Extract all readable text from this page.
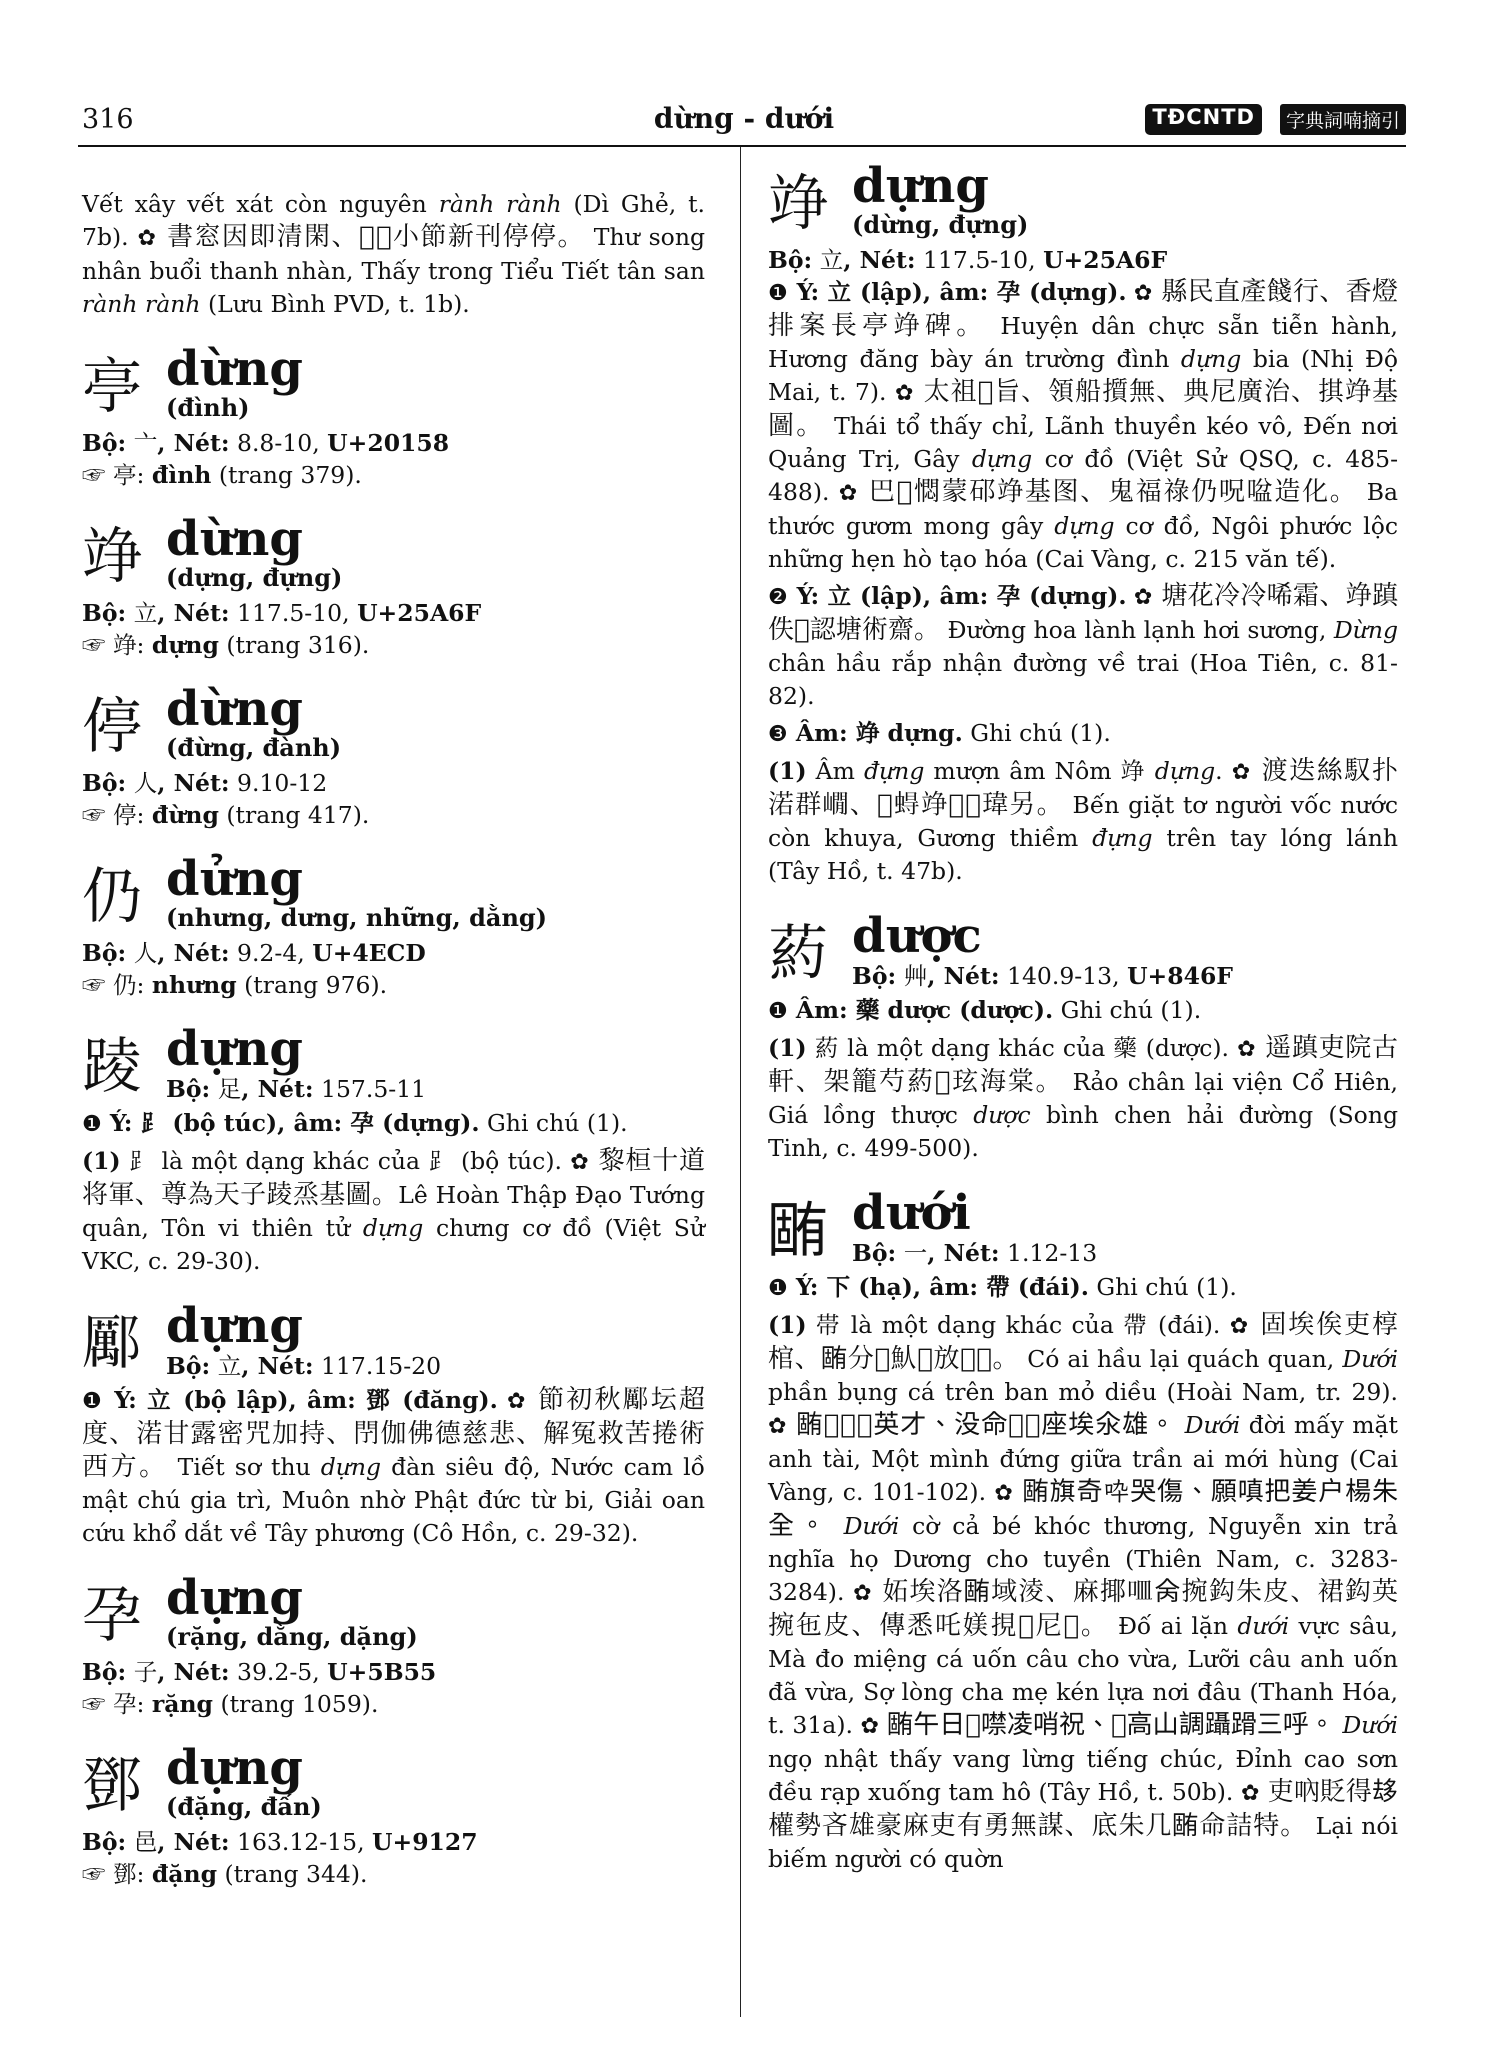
316	dừng - dưới	TĐCNTD	字典詞喃摘引

Vết xây vết xát còn nguyên rành rành (Dì Ghẻ, t. 7b). ✿ 書窓因即清閑、𧡊𧡊小節新刊停停。 Thư song nhân buổi thanh nhàn, Thấy trong Tiểu Tiết tân san rành rành (Lưu Bình PVD, t. 1b).

亭 dừng
(đình)

Bộ: 亠, Nét: 8.8-10, U+20158

☞ 亭: đình (trang 379).

竫 dừng
(dựng, đựng)

Bộ: 立, Nét: 117.5-10, U+25A6F

☞ 竫: dựng (trang 316).

停 dừng
(đừng, đành)

Bộ: 人, Nét: 9.10-12

☞ 停: đừng (trang 417).

仍 dửng
(nhưng, dưng, những, dằng)

Bộ: 人, Nét: 9.2-4, U+4ECD

☞ 仍: nhưng (trang 976).

踜 dựng
Bộ: 足, Nét: 157.5-11

❶ Ý: ⻊ (bộ túc), âm: 孕 (dựng). Ghi chú (1).

(1) ⻊ là một dạng khác của ⻊ (bộ túc). ✿ 黎桓十道将軍、尊為天子踜烝基圖。Lê Hoàn Thập Đạo Tướng quân, Tôn vi thiên tử dựng chưng cơ đồ (Việt Sử VKC, c. 29-30).

𨞺 dựng
Bộ: 立, Nét: 117.15-20

❶ Ý: 立 (bộ lập), âm: 鄧 (đăng). ✿ 節初秋𨞺坛超度、渃甘露密咒加持、閅伽佛德慈悲、解冤救苦捲術西方。 Tiết sơ thu dựng đàn siêu độ, Nước cam lồ mật chú gia trì, Muôn nhờ Phật đức từ bi, Giải oan cứu khổ dắt về Tây phương (Cô Hồn, c. 29-32).

孕 dựng
(rặng, dằng, dặng)

Bộ: 子, Nét: 39.2-5, U+5B55

☞ 孕: rặng (trang 1059).

鄧 dựng
(đặng, đấn)

Bộ: 邑, Nét: 163.12-15, U+9127

☞ 鄧: đặng (trang 344).

竫 dựng
(dừng, đựng)

Bộ: 立, Nét: 117.5-10, U+25A6F

❶ Ý: 立 (lập), âm: 孕 (dựng). ✿ 縣民直產餞行、香燈排案長亭竫碑。 Huyện dân chực sẵn tiễn hành, Hương đăng bày án trường đình dựng bia (Nhị Độ Mai, t. 7). ✿ 太祖𧡊旨、領船㩫無、典尼廣治、掑竫基圖。 Thái tổ thấy chỉ, Lãnh thuyền kéo vô, Đến nơi Quảng Trị, Gây dựng cơ đồ (Việt Sử QSQ, c. 485-488). ✿ 巴𢧚㦖蒙䂙竫基图、鬼福祿仍呪㖹造化。 Ba thước gươm mong gây dựng cơ đồ, Ngôi phước lộc những hẹn hò tạo hóa (Cai Vàng, c. 215 văn tế).

❷ Ý: 立 (lập), âm: 孕 (dựng). ✿ 塘花冷冷唏霜、竫蹎佚𧇊認塘術齋。 Đường hoa lành lạnh hơi sương, Dừng chân hầu rắp nhận đường về trai (Hoa Tiên, c. 81-82).

❸ Âm: 竫 dựng. Ghi chú (1).

(1) Âm đựng mượn âm Nôm 竫 dựng. ✿ 渡迭絲馭扑渃群𡼥、𦀊𧍋竫𠄼𣗾瑋另。 Bến giặt tơ người vốc nước còn khuya, Gương thiềm đựng trên tay lóng lánh (Tây Hồ, t. 47b).

葯 dược
Bộ: 艸, Nét: 140.9-13, U+846F

❶ Âm: 藥 dược (dược). Ghi chú (1).

(1) 葯 là một dạng khác của 藥 (dược). ✿ 遥蹎吏院古軒、架籠芍葯𤍶玹海棠。 Rảo chân lại viện Cổ Hiên, Giá lồng thược dược bình chen hải đường (Song Tinh, c. 499-500).

𣎏 dưới
Bộ: 一, Nét: 1.12-13

❶ Ý: 下 (hạ), âm: 帶 (đái). Ghi chú (1).

(1) 帯 là một dạng khác của 帶 (đái). ✿ 固埃俟吏椁棺、𣎏分𦚖魜𢷀放𥱬𪃿。 Có ai hầu lại quách quan, Dưới phần bụng cá trên ban mỏ diều (Hoài Nam, tr. 29). ✿ 𣎏𦬑𠇍𣖟英才、没命𡑝𡎥座埃氽雄。 Dưới đời mấy mặt anh tài, Một mình đứng giữa trần ai mới hùng (Cai Vàng, c. 101-102). ✿ 𣎏旗奇𠯥哭傷、願嗔把姜户楊朱全。 Dưới cờ cả bé khóc thương, Nguyễn xin trả nghĩa họ Dương cho tuyền (Thiên Nam, c. 3283-3284). ✿ 妬埃洛𣎏域淩、麻揶𠰘𠇮捥鈎朱皮、裙鈎英捥㐌皮、傳悉吒媄挸𢷄尼𡀨。 Đố ai lặn dưới vực sâu, Mà đo miệng cá uốn câu cho vừa, Lưỡi câu anh uốn đã vừa, Sợ lòng cha mẹ kén lựa nơi đâu (Thanh Hóa, t. 31a). ✿ 𣎏午日𧡊噤凌哨祝、𡶀高山調躡𨃴三呼。 Dưới ngọ nhật thấy vang lừng tiếng chúc, Đỉnh cao sơn đều rạp xuống tam hô (Tây Hồ, t. 50b). ✿ 吏吶貶得𠫾權勢吝雄豪麻吏有勇無謀、底朱几𣎏命詰特。 Lại nói biếm người có quờn
